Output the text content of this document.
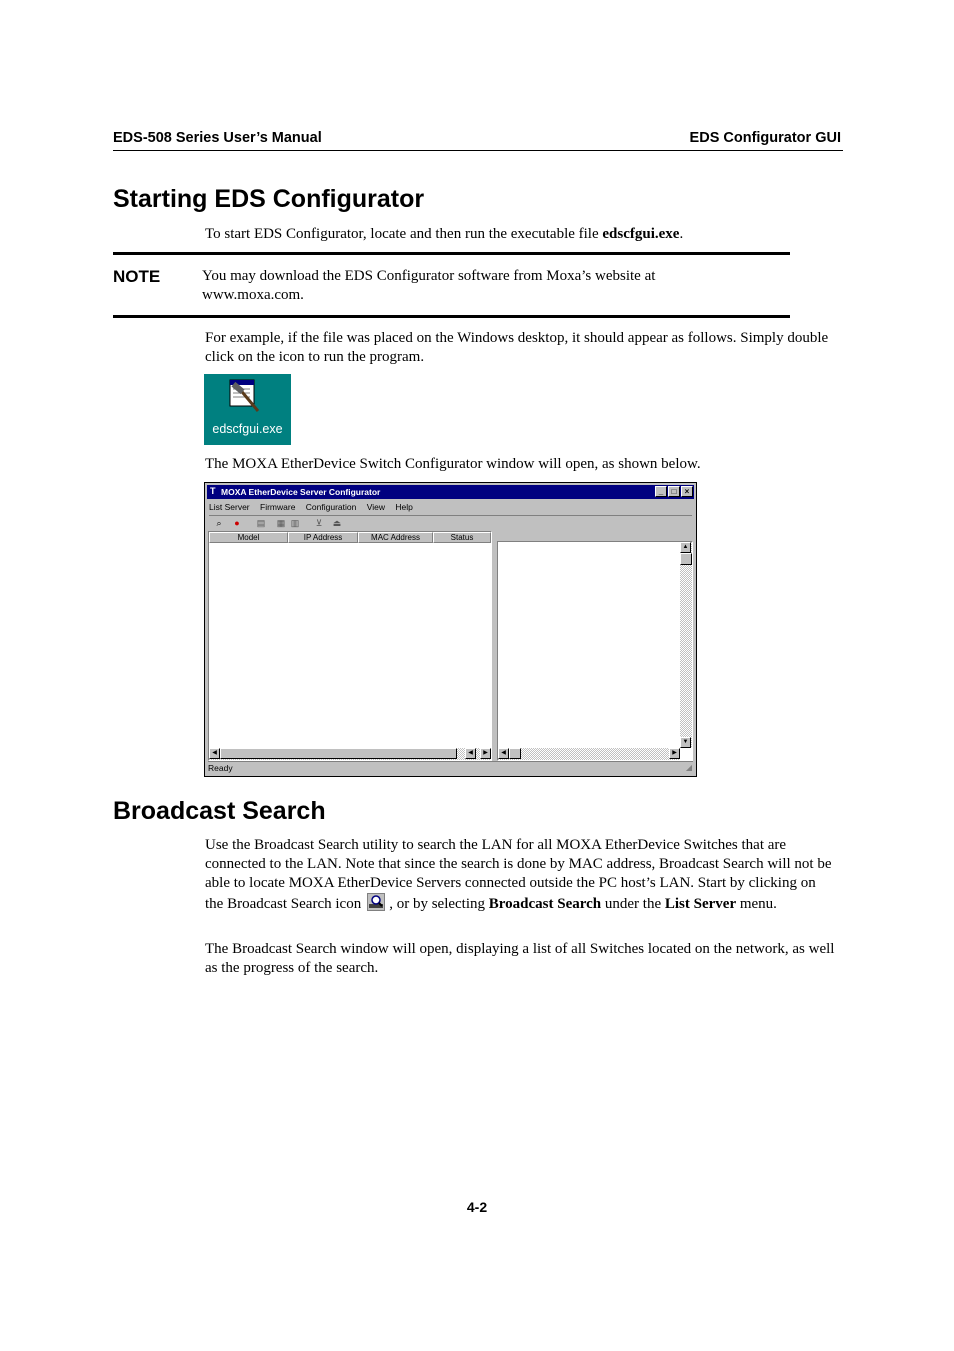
EDS-508 Series User’s Manual	EDS Configurator GUI
Starting EDS Configurator
To start EDS Configurator, locate and then run the executable file edscfgui.exe.
NOTE	You may download the EDS Configurator software from Moxa’s website at
www.moxa.com.
For example, if the file was placed on the Windows desktop, it should appear as follows. Simply double click on the icon to run the program.
edscfgui.exe
The MOXA EtherDevice Switch Configurator window will open, as shown below.
T MOXA EtherDevice Server Configurator	_	□	×
List Server Firmware Configuration View Help
⌕	●	▤ ▦ ▥	⊻	⏏
Model	IP Address	MAC Address	Status
◀	◀	▶
▲
▼
◀	▶
Ready	◢
Broadcast Search
Use the Broadcast Search utility to search the LAN for all MOXA EtherDevice Switches that are connected to the LAN. Note that since the search is done by MAC address, Broadcast Search will not be able to locate MOXA EtherDevice Servers connected outside the PC host’s LAN. Start by clicking on the Broadcast Search icon , or by selecting Broadcast Search under the List Server menu.
The Broadcast Search window will open, displaying a list of all Switches located on the network, as well as the progress of the search.
4-2
